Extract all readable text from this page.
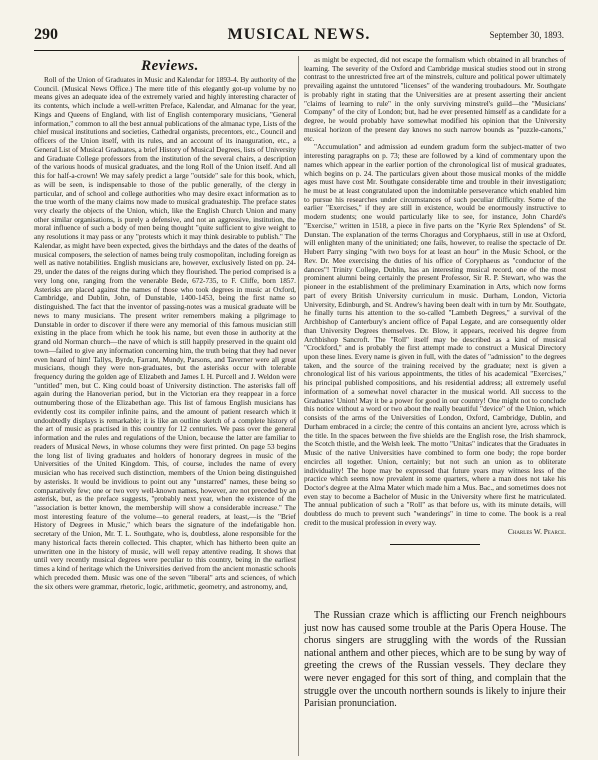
290	MUSICAL NEWS.	September 30, 1893.

Reviews.

Roll of the Union of Graduates in Music and Kalendar for 1893-4. By authority of the Council. (Musical News Office.) The mere title of this elegantly got-up volume by no means gives an adequate idea of the extremely varied and highly interesting character of its contents, which include a well-written Preface, Kalendar, and Almanac for the year, Kings and Queens of England, with list of English contemporary musicians, "General information," common to all the best annual publications of the almanac type, Lists of the chief musical institutions and societies, Cathedral organists, precentors, etc., Council and officers of the Union itself, with its rules, and an account of its inauguration, etc., a General List of Musical Graduates, a brief History of Musical Degrees, lists of University and Graduate College professors from the institution of the several chairs, a description of the various hoods of musical graduates, and the long Roll of the Union itself. And all this for half-a-crown! We may safely predict a large "outside" sale for this book, which, as will be seen, is indispensable to those of the public generally, of the clergy in particular, and of school and college authorities who may desire exact information as to the true worth of the many claims now made to musical graduateship. The preface states very clearly the objects of the Union, which, like the English Church Union and many other similar organisations, is purely a defensive, and not an aggressive, institution, the moral influence of such a body of men being thought "quite sufficient to give weight to any resolutions it may pass or any "protests which it may think desirable to publish." The Kalendar, as might have been expected, gives the birthdays and the dates of the deaths of musical composers, the selection of names being truly cosmopolitan, including foreign as well as native notabilities. English musicians are, however, exclusively listed on pp. 24-29, under the dates of the reigns during which they flourished. The period comprised is a very long one, ranging from the venerable Bede, 672-735, to F. Cliffe, born 1857. Asterisks are placed against the names of those who took degrees in music at Oxford, Cambridge, and Dublin, John, of Dunstable, 1400-1453, being the first name so distinguished. The fact that the inventor of passing-notes was a musical graduate will be news to many musicians. The present writer remembers making a pilgrimage to Dunstable in order to discover if there were any memorial of this famous musician still existing in the place from which he took his name, but even those in authority at the grand old Norman church—the nave of which is still happily preserved in the quaint old town—failed to give any information concerning him, the truth being that they had never even heard of him! Tallys, Byrde, Farrant, Mundy, Parsons, and Taverner were all great musicians, though they were non-graduates, but the asterisks occur with tolerable frequency during the golden age of Elizabeth and James I. H. Purcell and J. Weldon were "untitled" men, but C. King could boast of University distinction. The asterisks fall off again during the Hanoverian period, but in the Victorian era they reappear in a force outnumbering those of the Elizabethan age. This list of famous English musicians has evidently cost its compiler infinite pains, and the amount of patient research which it undoubtedly displays is remarkable; it is like an outline sketch of a complete history of the art of music as practised in this country for 12 centuries. We pass over the general information and the rules and regulations of the Union, because the latter are familiar to readers of Musical News, in whose columns they were first printed. On page 53 begins the long list of living graduates and holders of honorary degrees in music of the Universities of the United Kingdom. This, of course, includes the name of every musician who has received such distinction, members of the Union being distinguished by asterisks. It would be invidious to point out any "unstarred" names, these being so comparatively few; one or two very well-known names, however, are not preceded by an asterisk, but, as the preface suggests, "probably next year, when the existence of the "association is better known, the membership will show a considerable increase." The most interesting feature of the volume—to general readers, at least,—is the "Brief History of Degrees in Music," which bears the signature of the indefatigable hon. secretary of the Union, Mr. T. L. Southgate, who is, doubtless, alone responsible for the many historical facts therein collected. This chapter, which has hitherto been quite an unwritten one in the history of music, will well repay attentive reading. It shows that until very recently musical degrees were peculiar to this country, being in the earliest times a kind of heritage which the Universities derived from the ancient monastic schools which preceded them. Music was one of the seven "liberal" arts and sciences, of which the six others were grammar, rhetoric, logic, arithmetic, geometry, and astronomy, and,

as might be expected, did not escape the formalism which obtained in all branches of learning. The severity of the Oxford and Cambridge musical studies stood out in strong contrast to the unrestricted free art of the minstrels, culture and political power ultimately prevailing against the untutored "licenses" of the wandering troubadours. Mr. Southgate is probably right in stating that the Universities are at present asserting their ancient "claims of learning to rule" in the only surviving minstrel's guild—the "Musicians' Company" of the city of London; but, had he ever presented himself as a candidate for a degree, he would probably have somewhat modified his opinion that the University musical horizon of the present day knows no such narrow bounds as "puzzle-canons," etc.

"Accumulation" and admission ad eundem gradum form the subject-matter of two interesting paragraphs on p. 73; these are followed by a kind of commentary upon the names which appear in the earlier portion of the chronological list of musical graduates, which begins on p. 24. The particulars given about those musical monks of the middle ages must have cost Mr. Southgate considerable time and trouble in their investigation; he must be at least congratulated upon the indomitable perseverance which enabled him to pursue his researches under circumstances of such peculiar difficulty. Some of the earlier "Exercises," if they are still in existence, would be enormously instructive to modern students; one would particularly like to see, for instance, John Chardé's "Exercise," written in 1518, a piece in five parts on the "Kyrie Rex Splendens" of St. Dunstan. The explanation of the terms Choragus and Coryphaeus, still in use at Oxford, will enlighten many of the uninitiated; one fails, however, to realise the spectacle of Dr. Hubert Parry singing "with two boys for at least an hour" in the Music School, or the Rev. Dr. Mee exercising the duties of his office of Coryphaeus as "conductor of the dances"! Trinity College, Dublin, has an interesting musical record, one of the most prominent alumni being certainly the present Professor, Sir R. P. Stewart, who was the pioneer in the establishment of the preliminary Examination in Arts, which now forms part of every British University curriculum in music. Durham, London, Victoria University, Edinburgh, and St. Andrew's having been dealt with in turn by Mr. Southgate, he finally turns his attention to the so-called "Lambeth Degrees," a survival of the Archbishop of Canterbury's ancient office of Papal Legate, and are consequently older than University Degrees themselves. Dr. Blow, it appears, received his degree from Archbishop Sancroft. The "Roll" itself may be described as a kind of musical "Crockford," and is probably the first attempt made to construct a Musical Directory upon these lines. Every name is given in full, with the dates of "admission" to the degrees taken, and the source of the training received by the graduate; next is given a chronological list of his various appointments, the titles of his academical "Exercises," his principal published compositions, and his residential address; all extremely useful information of a somewhat novel character in the musical world. All success to the Graduates' Union! May it be a power for good in our country! One might not to conclude this notice without a word or two about the really beautiful "device" of the Union, which consists of the arms of the Universities of London, Oxford, Cambridge, Dublin, and Durham embraced in a circle; the centre of this contains an ancient lyre, across which is the title. In the spaces between the five shields are the English rose, the Irish shamrock, the Scotch thistle, and the Welsh leek. The motto "Unitas" indicates that the Graduates in Music of the native Universities have combined to form one body; the rope border encircles all together. Union, certainly; but not such an union as to obliterate individuality! The hope may be expressed that future years may witness less of the practice which seems now prevalent in some quarters, where a man does not take his Doctor's degree at the Alma Mater which made him a Mus. Bac., and sometimes does not even stay to become a Bachelor of Music in the University where first he matriculated. The annual publication of such a "Roll" as that before us, with its minute details, will doubtless do much to prevent such "wanderings" in time to come. The book is a real credit to the musical profession in every way.

Charles W. Pearce.

The Russian craze which is afflicting our French neighbours just now has caused some trouble at the Paris Opera House. The chorus singers are struggling with the words of the Russian national anthem and other pieces, which are to be sung by way of greeting the crews of the Russian vessels. They declare they were never engaged for this sort of thing, and complain that the struggle over the uncouth northern sounds is likely to injure their Parisian pronunciation.
